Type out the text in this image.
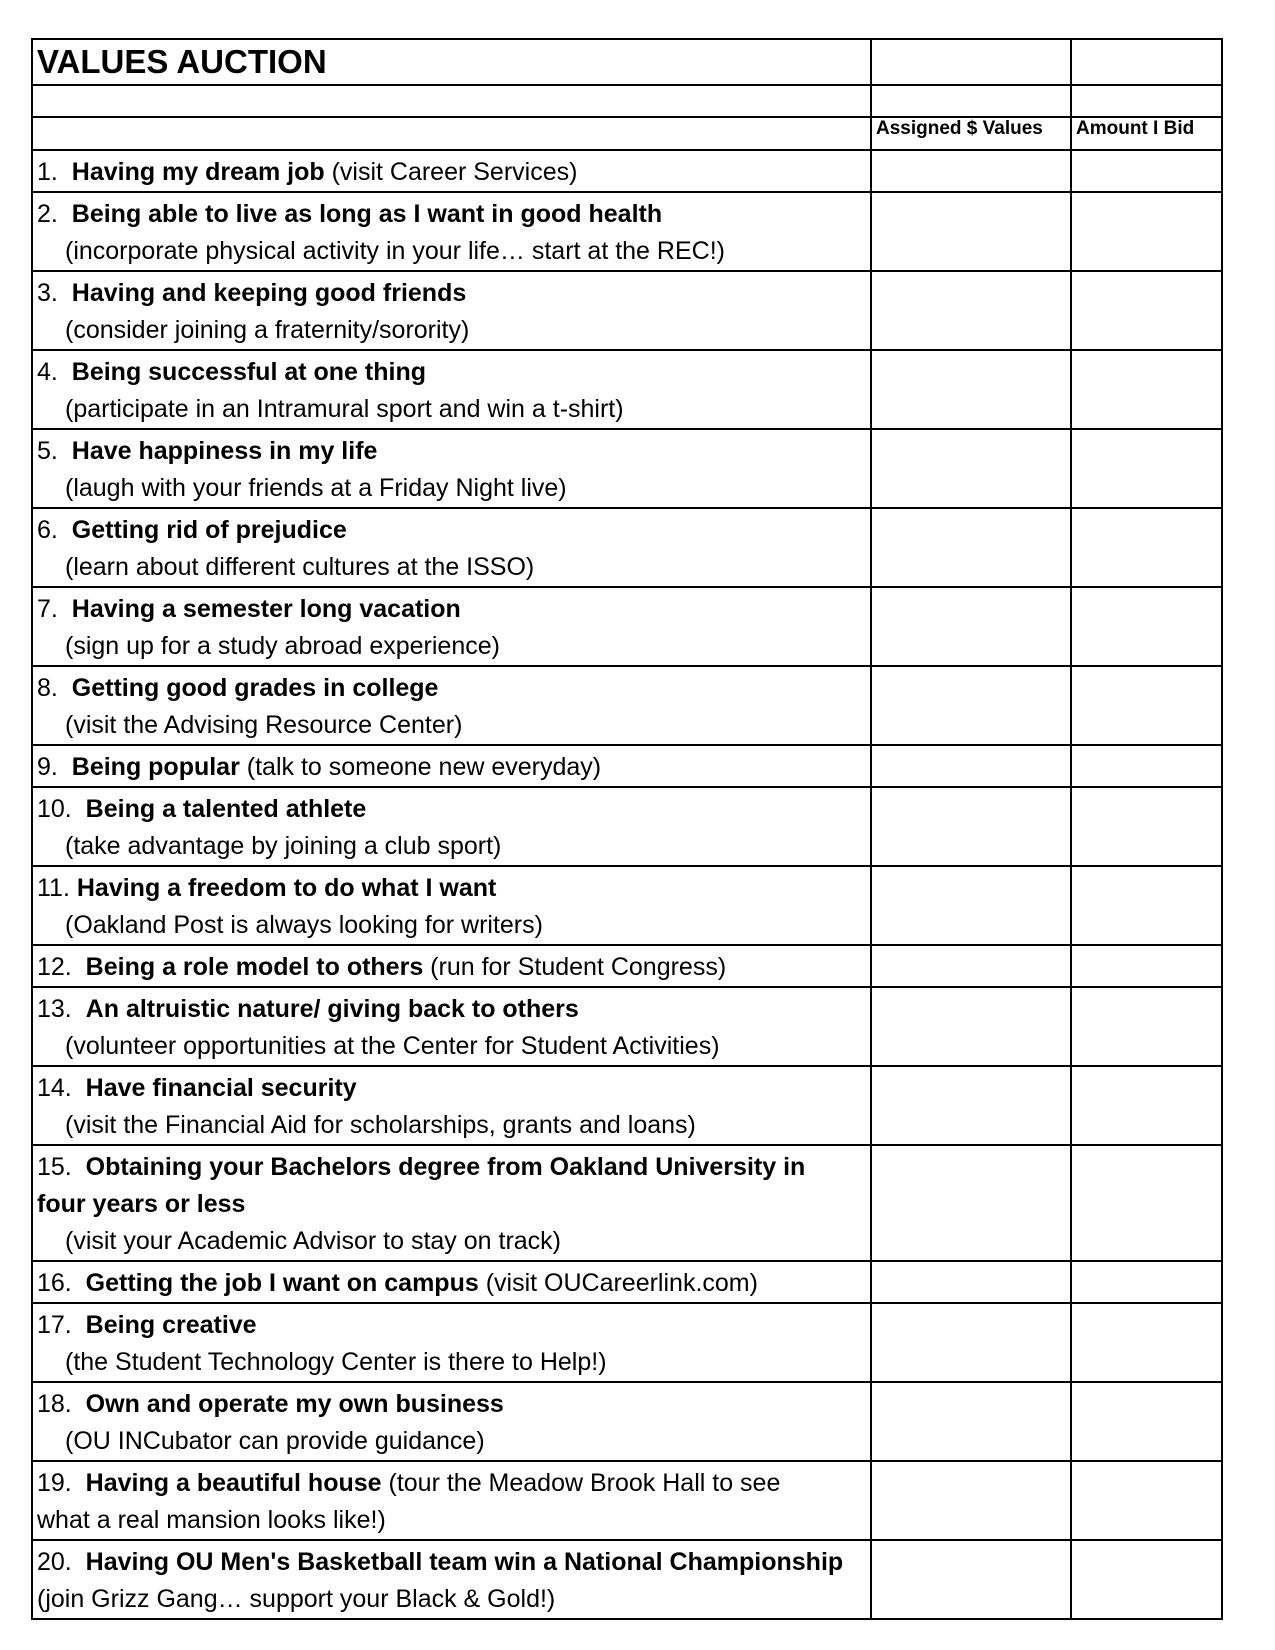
VALUES AUCTION		

	Assigned $ Values	Amount I Bid
1. Having my dream job (visit Career Services)		

2. Being able to live as long as I want in good health
(incorporate physical activity in your life… start at the REC!)		

3. Having and keeping good friends
(consider joining a fraternity/sorority)		

4. Being successful at one thing
(participate in an Intramural sport and win a t-shirt)		

5. Have happiness in my life
(laugh with your friends at a Friday Night live)		

6. Getting rid of prejudice
(learn about different cultures at the ISSO)		

7. Having a semester long vacation
(sign up for a study abroad experience)		

8. Getting good grades in college
(visit the Advising Resource Center)		

9. Being popular (talk to someone new everyday)		

10. Being a talented athlete
(take advantage by joining a club sport)		

11. Having a freedom to do what I want
(Oakland Post is always looking for writers)		

12. Being a role model to others (run for Student Congress)		

13. An altruistic nature/ giving back to others
(volunteer opportunities at the Center for Student Activities)		

14. Have financial security
(visit the Financial Aid for scholarships, grants and loans)		

15. Obtaining your Bachelors degree from Oakland University in
four years or less
(visit your Academic Advisor to stay on track)		

16. Getting the job I want on campus (visit OUCareerlink.com)		

17. Being creative
(the Student Technology Center is there to Help!)		

18. Own and operate my own business
(OU INCubator can provide guidance)		

19. Having a beautiful house (tour the Meadow Brook Hall to see
what a real mansion looks like!)		

20. Having OU Men's Basketball team win a National Championship
(join Grizz Gang… support your Black & Gold!)		
